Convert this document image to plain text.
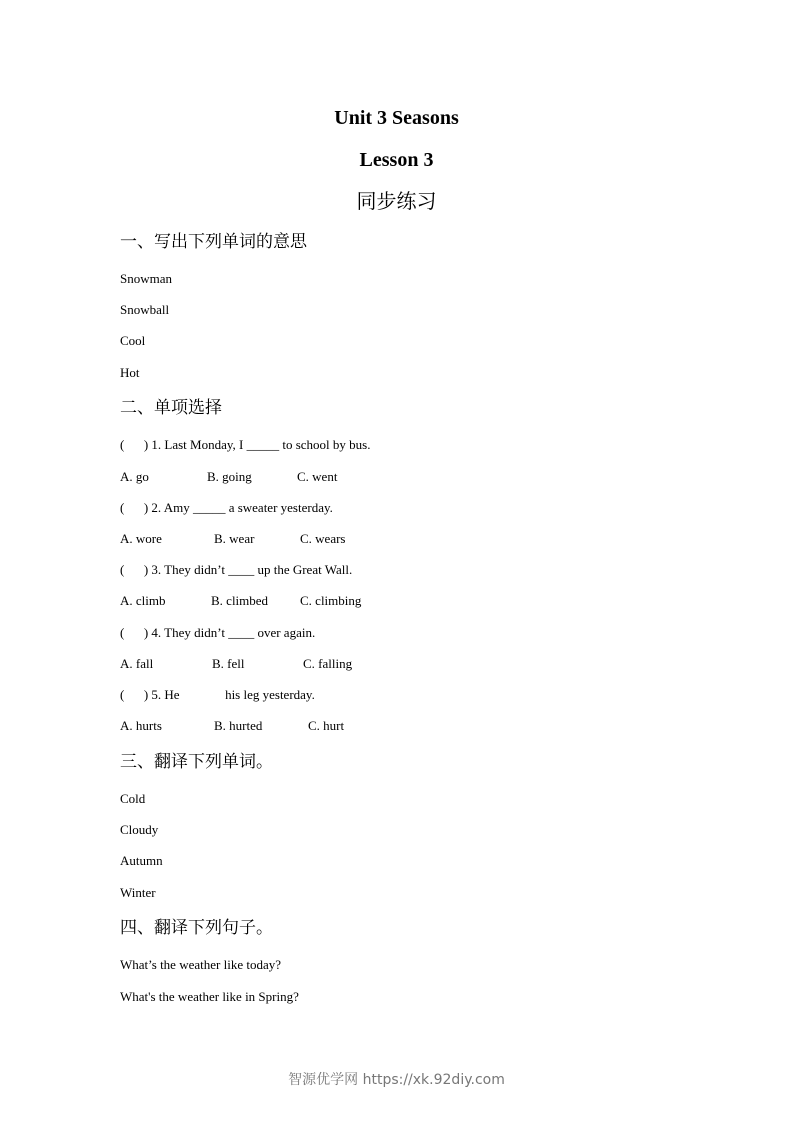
Unit 3 Seasons
Lesson 3
同步练习
一、写出下列单词的意思
Snowman
Snowball
Cool
Hot
二、单项选择
(      ) 1. Last Monday, I _____ to school by bus.
A. go	B. going	C. went
(      ) 2. Amy _____ a sweater yesterday.
A. wore	B. wear	C. wears
(      ) 3. They didn’t ____ up the Great Wall.
A. climb	B. climbed C. climbing
(      ) 4. They didn’t ____ over again.
A. fall	B. fell	C. falling
(      ) 5. He              his leg yesterday.
A. hurts	B. hurted	C. hurt
三、翻译下列单词。
Cold
Cloudy
Autumn
Winter
四、翻译下列句子。
What’s the weather like today?
What's the weather like in Spring?
智源优学网 https://xk.92diy.com
